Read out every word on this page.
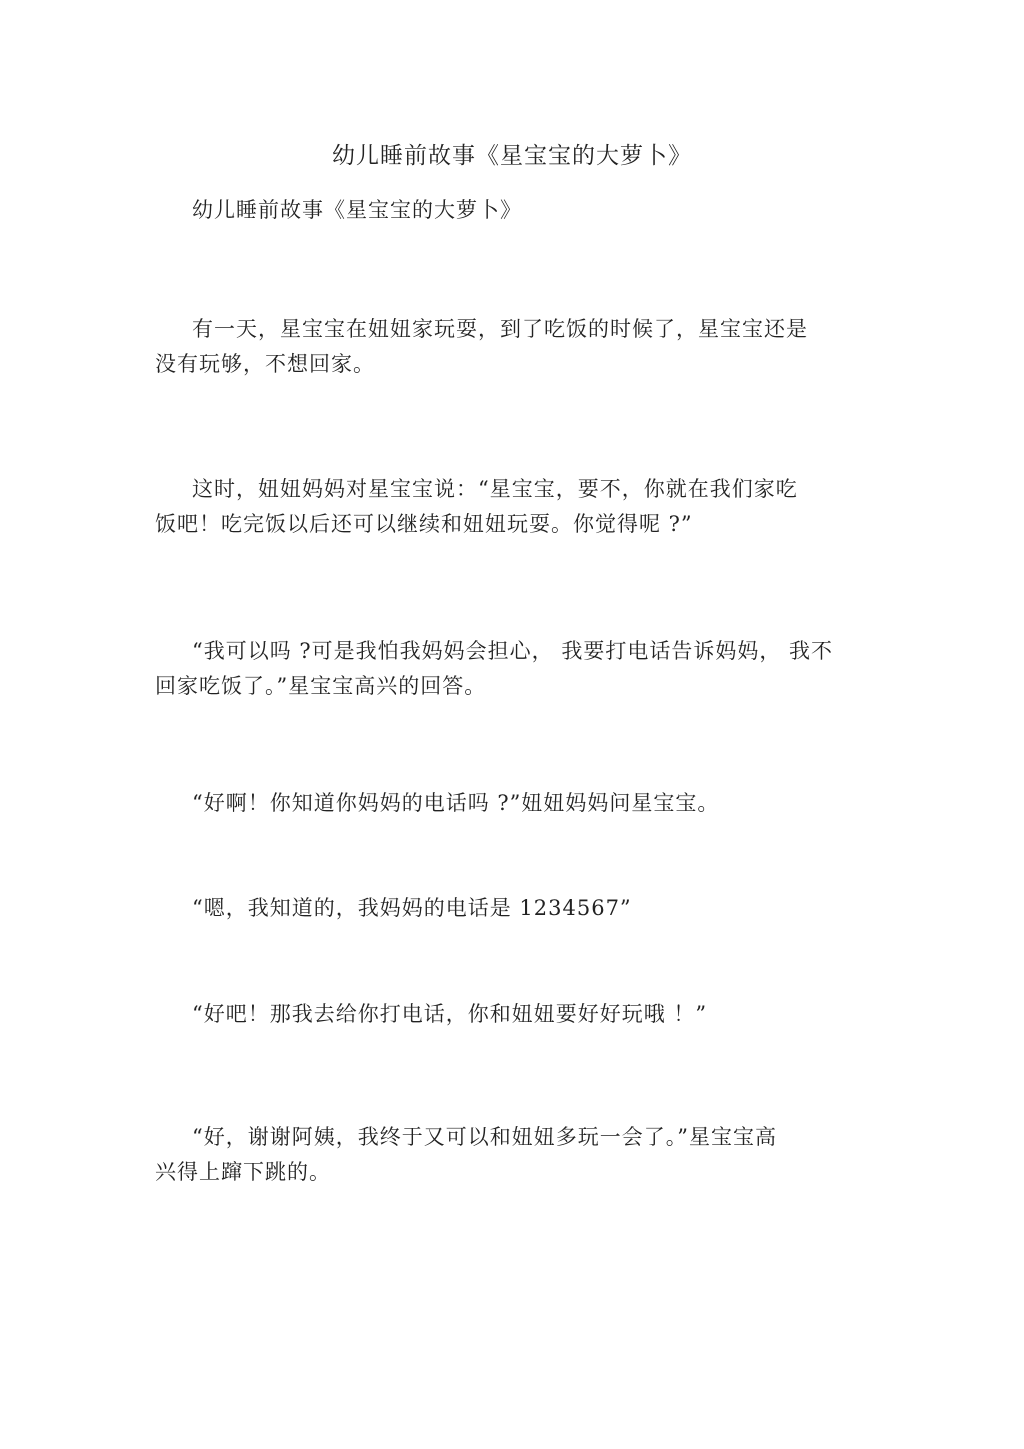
幼儿睡前故事《星宝宝的大萝卜》

幼儿睡前故事《星宝宝的大萝卜》

有一天，星宝宝在妞妞家玩耍，到了吃饭的时候了，星宝宝还是
没有玩够，不想回家。
这时，妞妞妈妈对星宝宝说：“星宝宝，要不，你就在我们家吃
饭吧！吃完饭以后还可以继续和妞妞玩耍。你觉得呢 ?”
“我可以吗 ?可是我怕我妈妈会担心， 我要打电话告诉妈妈， 我不
回家吃饭了。”星宝宝高兴的回答。
“好啊！你知道你妈妈的电话吗 ?”妞妞妈妈问星宝宝。
“嗯，我知道的，我妈妈的电话是 1234567”
“好吧！那我去给你打电话，你和妞妞要好好玩哦 ！”
“好，谢谢阿姨，我终于又可以和妞妞多玩一会了。”星宝宝高
兴得上蹿下跳的。
